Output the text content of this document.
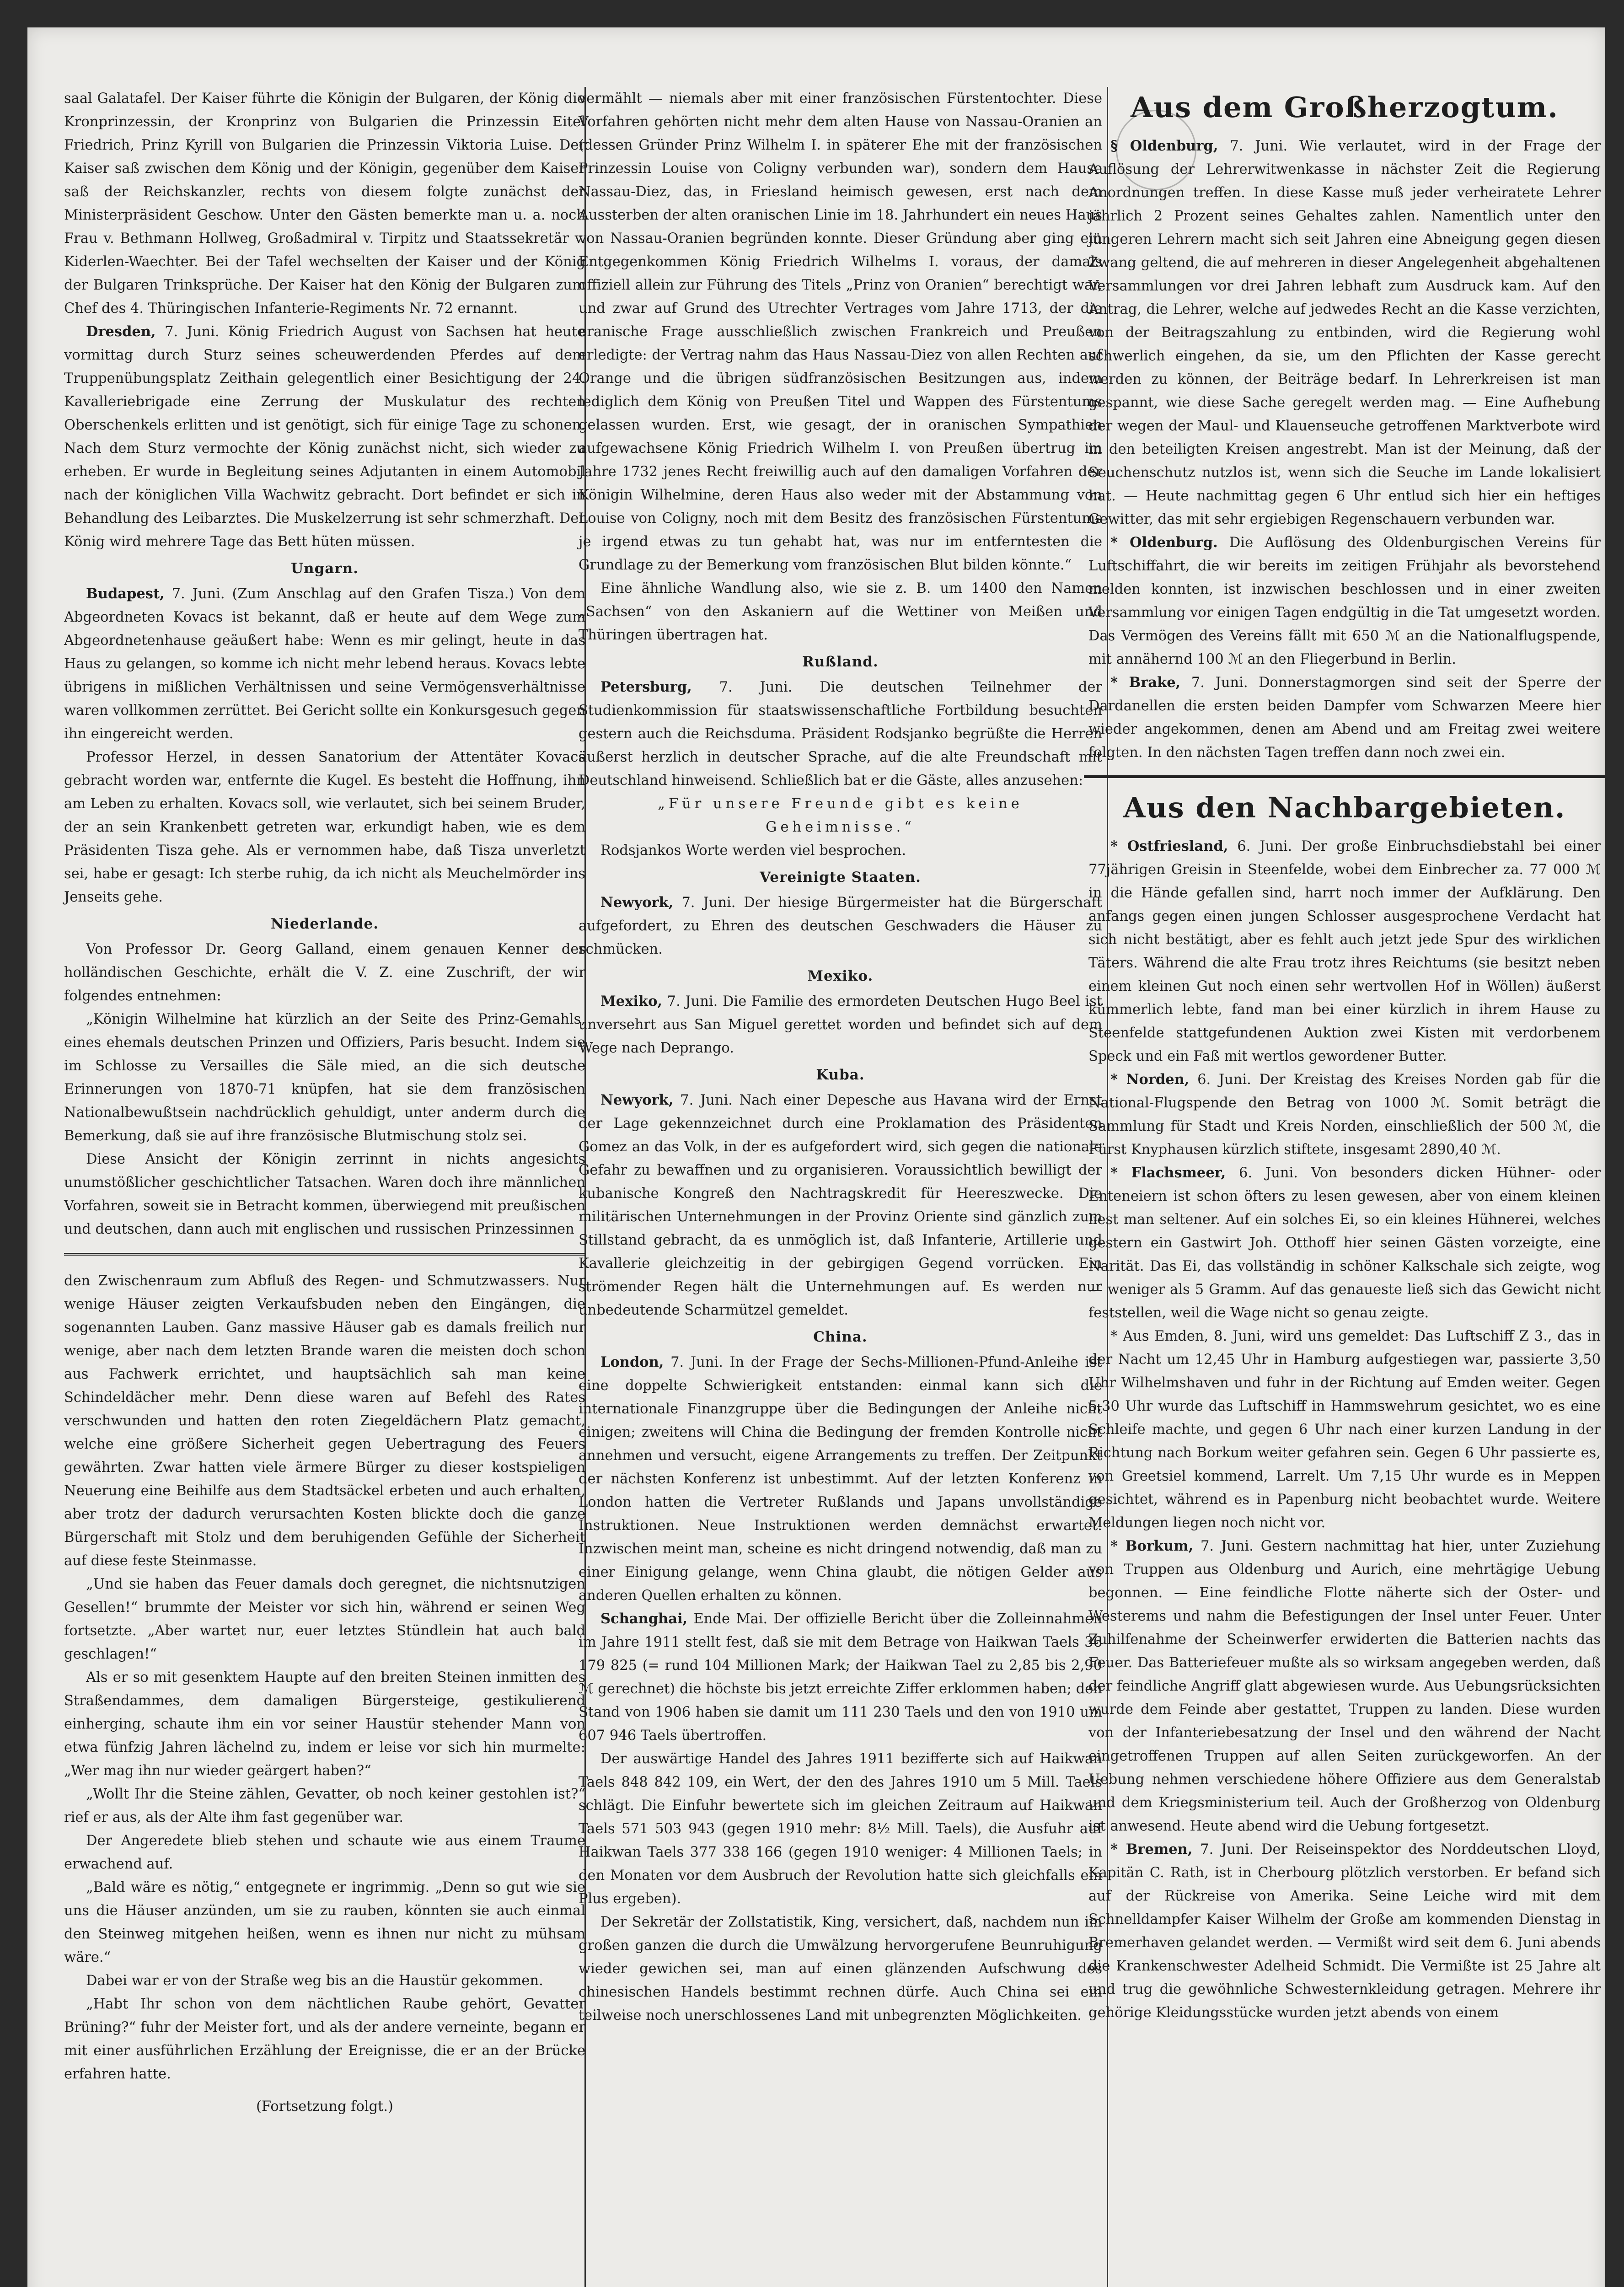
saal Galatafel. Der Kaiser führte die Königin der Bulgaren, der König die Kronprinzessin, der Kronprinz von Bulgarien die Prinzessin Eitel Friedrich, Prinz Kyrill von Bulgarien die Prinzessin Viktoria Luise. Der Kaiser saß zwischen dem König und der Königin, gegenüber dem Kaiser saß der Reichskanzler, rechts von diesem folgte zunächst der Ministerpräsident Geschow. Unter den Gästen bemerkte man u. a. noch Frau v. Bethmann Hollweg, Großadmiral v. Tirpitz und Staatssekretär v. Kiderlen-Waechter. Bei der Tafel wechselten der Kaiser und der König der Bulgaren Trinksprüche. Der Kaiser hat den König der Bulgaren zum Chef des 4. Thüringischen Infanterie-Regiments Nr. 72 ernannt.

Dresden, 7. Juni. König Friedrich August von Sachsen hat heute vormittag durch Sturz seines scheuwerdenden Pferdes auf dem Truppenübungsplatz Zeithain gelegentlich einer Besichtigung der 24. Kavalleriebrigade eine Zerrung der Muskulatur des rechten Oberschenkels erlitten und ist genötigt, sich für einige Tage zu schonen. Nach dem Sturz vermochte der König zunächst nicht, sich wieder zu erheben. Er wurde in Begleitung seines Adjutanten in einem Automobil nach der königlichen Villa Wachwitz gebracht. Dort befindet er sich in Behandlung des Leibarztes. Die Muskelzerrung ist sehr schmerzhaft. Der König wird mehrere Tage das Bett hüten müssen.

Ungarn.

Budapest, 7. Juni. (Zum Anschlag auf den Grafen Tisza.) Von dem Abgeordneten Kovacs ist bekannt, daß er heute auf dem Wege zum Abgeordnetenhause geäußert habe: Wenn es mir gelingt, heute in das Haus zu gelangen, so komme ich nicht mehr lebend heraus. Kovacs lebte übrigens in mißlichen Verhältnissen und seine Vermögensverhältnisse waren vollkommen zerrüttet. Bei Gericht sollte ein Konkursgesuch gegen ihn eingereicht werden.

Professor Herzel, in dessen Sanatorium der Attentäter Kovacs gebracht worden war, entfernte die Kugel. Es besteht die Hoffnung, ihn am Leben zu erhalten. Kovacs soll, wie verlautet, sich bei seinem Bruder, der an sein Krankenbett getreten war, erkundigt haben, wie es dem Präsidenten Tisza gehe. Als er vernommen habe, daß Tisza unverletzt sei, habe er gesagt: Ich sterbe ruhig, da ich nicht als Meuchelmörder ins Jenseits gehe.

Niederlande.

Von Professor Dr. Georg Galland, einem genauen Kenner der holländischen Geschichte, erhält die V. Z. eine Zuschrift, der wir folgendes entnehmen:

„Königin Wilhelmine hat kürzlich an der Seite des Prinz-Gemahls, eines ehemals deutschen Prinzen und Offiziers, Paris besucht. Indem sie im Schlosse zu Versailles die Säle mied, an die sich deutsche Erinnerungen von 1870-71 knüpfen, hat sie dem französischen Nationalbewußtsein nachdrücklich gehuldigt, unter anderm durch die Bemerkung, daß sie auf ihre französische Blutmischung stolz sei.

Diese Ansicht der Königin zerrinnt in nichts angesichts unumstößlicher geschichtlicher Tatsachen. Waren doch ihre männlichen Vorfahren, soweit sie in Betracht kommen, überwiegend mit preußischen und deutschen, dann auch mit englischen und russischen Prinzessinnen

den Zwischenraum zum Abfluß des Regen- und Schmutzwassers. Nur wenige Häuser zeigten Verkaufsbuden neben den Eingängen, die sogenannten Lauben. Ganz massive Häuser gab es damals freilich nur wenige, aber nach dem letzten Brande waren die meisten doch schon aus Fachwerk errichtet, und hauptsächlich sah man keine Schindeldächer mehr. Denn diese waren auf Befehl des Rates verschwunden und hatten den roten Ziegeldächern Platz gemacht, welche eine größere Sicherheit gegen Uebertragung des Feuers gewährten. Zwar hatten viele ärmere Bürger zu dieser kostspieligen Neuerung eine Beihilfe aus dem Stadtsäckel erbeten und auch erhalten, aber trotz der dadurch verursachten Kosten blickte doch die ganze Bürgerschaft mit Stolz und dem beruhigenden Gefühle der Sicherheit auf diese feste Steinmasse.

„Und sie haben das Feuer damals doch geregnet, die nichtsnutzigen Gesellen!“ brummte der Meister vor sich hin, während er seinen Weg fortsetzte. „Aber wartet nur, euer letztes Stündlein hat auch bald geschlagen!“

Als er so mit gesenktem Haupte auf den breiten Steinen inmitten des Straßendammes, dem damaligen Bürgersteige, gestikulierend einherging, schaute ihm ein vor seiner Haustür stehender Mann von etwa fünfzig Jahren lächelnd zu, indem er leise vor sich hin murmelte: „Wer mag ihn nur wieder geärgert haben?“

„Wollt Ihr die Steine zählen, Gevatter, ob noch keiner gestohlen ist?“ rief er aus, als der Alte ihm fast gegenüber war.

Der Angeredete blieb stehen und schaute wie aus einem Traume erwachend auf.

„Bald wäre es nötig,“ entgegnete er ingrimmig. „Denn so gut wie sie uns die Häuser anzünden, um sie zu rauben, könnten sie auch einmal den Steinweg mitgehen heißen, wenn es ihnen nur nicht zu mühsam wäre.“

Dabei war er von der Straße weg bis an die Haustür gekommen.

„Habt Ihr schon von dem nächtlichen Raube gehört, Gevatter Brüning?“ fuhr der Meister fort, und als der andere verneinte, begann er mit einer ausführlichen Erzählung der Ereignisse, die er an der Brücke erfahren hatte.

(Fortsetzung folgt.)

vermählt — niemals aber mit einer französischen Fürstentochter. Diese Vorfahren gehörten nicht mehr dem alten Hause von Nassau-Oranien an (dessen Gründer Prinz Wilhelm I. in späterer Ehe mit der französischen Prinzessin Louise von Coligny verbunden war), sondern dem Hause Nassau-Diez, das, in Friesland heimisch gewesen, erst nach dem Aussterben der alten oranischen Linie im 18. Jahrhundert ein neues Haus von Nassau-Oranien begründen konnte. Dieser Gründung aber ging ein Entgegenkommen König Friedrich Wilhelms I. voraus, der damals offiziell allein zur Führung des Titels „Prinz von Oranien“ berechtigt war, und zwar auf Grund des Utrechter Vertrages vom Jahre 1713, der die oranische Frage ausschließlich zwischen Frankreich und Preußen erledigte: der Vertrag nahm das Haus Nassau-Diez von allen Rechten auf Orange und die übrigen südfranzösischen Besitzungen aus, indem lediglich dem König von Preußen Titel und Wappen des Fürstentums gelassen wurden. Erst, wie gesagt, der in oranischen Sympathien aufgewachsene König Friedrich Wilhelm I. von Preußen übertrug im Jahre 1732 jenes Recht freiwillig auch auf den damaligen Vorfahren der Königin Wilhelmine, deren Haus also weder mit der Abstammung von Louise von Coligny, noch mit dem Besitz des französischen Fürstentums je irgend etwas zu tun gehabt hat, was nur im entferntesten die Grundlage zu der Bemerkung vom französischen Blut bilden könnte.“

Eine ähnliche Wandlung also, wie sie z. B. um 1400 den Namen „Sachsen“ von den Askaniern auf die Wettiner von Meißen und Thüringen übertragen hat.

Rußland.

Petersburg, 7. Juni. Die deutschen Teilnehmer der Studienkommission für staatswissenschaftliche Fortbildung besuchten gestern auch die Reichsduma. Präsident Rodsjanko begrüßte die Herren äußerst herzlich in deutscher Sprache, auf die alte Freundschaft mit Deutschland hinweisend. Schließlich bat er die Gäste, alles anzusehen:

„Für unsere Freunde gibt es keine

Geheimnisse.“

Rodsjankos Worte werden viel besprochen.

Vereinigte Staaten.

Newyork, 7. Juni. Der hiesige Bürgermeister hat die Bürgerschaft aufgefordert, zu Ehren des deutschen Geschwaders die Häuser zu schmücken.

Mexiko.

Mexiko, 7. Juni. Die Familie des ermordeten Deutschen Hugo Beel ist unversehrt aus San Miguel gerettet worden und befindet sich auf dem Wege nach Deprango.

Kuba.

Newyork, 7. Juni. Nach einer Depesche aus Havana wird der Ernst der Lage gekennzeichnet durch eine Proklamation des Präsidenten Gomez an das Volk, in der es aufgefordert wird, sich gegen die nationale Gefahr zu bewaffnen und zu organisieren. Voraussichtlich bewilligt der kubanische Kongreß den Nachtragskredit für Heereszwecke. Die militärischen Unternehmungen in der Provinz Oriente sind gänzlich zum Stillstand gebracht, da es unmöglich ist, daß Infanterie, Artillerie und Kavallerie gleichzeitig in der gebirgigen Gegend vorrücken. Ein strömender Regen hält die Unternehmungen auf. Es werden nur unbedeutende Scharmützel gemeldet.

China.

London, 7. Juni. In der Frage der Sechs-Millionen-Pfund-Anleihe ist eine doppelte Schwierigkeit entstanden: einmal kann sich die internationale Finanzgruppe über die Bedingungen der Anleihe nicht einigen; zweitens will China die Bedingung der fremden Kontrolle nicht annehmen und versucht, eigene Arrangements zu treffen. Der Zeitpunkt der nächsten Konferenz ist unbestimmt. Auf der letzten Konferenz in London hatten die Vertreter Rußlands und Japans unvollständige Instruktionen. Neue Instruktionen werden demnächst erwartet. Inzwischen meint man, scheine es nicht dringend notwendig, daß man zu einer Einigung gelange, wenn China glaubt, die nötigen Gelder aus anderen Quellen erhalten zu können.

Schanghai, Ende Mai. Der offizielle Bericht über die Zolleinnahmen im Jahre 1911 stellt fest, daß sie mit dem Betrage von Haikwan Taels 36 179 825 (= rund 104 Millionen Mark; der Haikwan Tael zu 2,85 bis 2,90 ℳ gerechnet) die höchste bis jetzt erreichte Ziffer erklommen haben; den Stand von 1906 haben sie damit um 111 230 Taels und den von 1910 um 607 946 Taels übertroffen.

Der auswärtige Handel des Jahres 1911 bezifferte sich auf Haikwan Taels 848 842 109, ein Wert, der den des Jahres 1910 um 5 Mill. Taels schlägt. Die Einfuhr bewertete sich im gleichen Zeitraum auf Haikwan Taels 571 503 943 (gegen 1910 mehr: 8½ Mill. Taels), die Ausfuhr auf Haikwan Taels 377 338 166 (gegen 1910 weniger: 4 Millionen Taels; in den Monaten vor dem Ausbruch der Revolution hatte sich gleichfalls ein Plus ergeben).

Der Sekretär der Zollstatistik, King, versichert, daß, nachdem nun im großen ganzen die durch die Umwälzung hervorgerufene Beunruhigung wieder gewichen sei, man auf einen glänzenden Aufschwung des chinesischen Handels bestimmt rechnen dürfe. Auch China sei ein teilweise noch unerschlossenes Land mit unbegrenzten Möglichkeiten.

Aus dem Großherzogtum.

§ Oldenburg, 7. Juni. Wie verlautet, wird in der Frage der Auflösung der Lehrerwitwenkasse in nächster Zeit die Regierung Anordnungen treffen. In diese Kasse muß jeder verheiratete Lehrer jährlich 2 Prozent seines Gehaltes zahlen. Namentlich unter den jüngeren Lehrern macht sich seit Jahren eine Abneigung gegen diesen Zwang geltend, die auf mehreren in dieser Angelegenheit abgehaltenen Versammlungen vor drei Jahren lebhaft zum Ausdruck kam. Auf den Antrag, die Lehrer, welche auf jedwedes Recht an die Kasse verzichten, von der Beitragszahlung zu entbinden, wird die Regierung wohl schwerlich eingehen, da sie, um den Pflichten der Kasse gerecht werden zu können, der Beiträge bedarf. In Lehrerkreisen ist man gespannt, wie diese Sache geregelt werden mag. — Eine Aufhebung der wegen der Maul- und Klauenseuche getroffenen Marktverbote wird in den beteiligten Kreisen angestrebt. Man ist der Meinung, daß der Seuchenschutz nutzlos ist, wenn sich die Seuche im Lande lokalisiert hat. — Heute nachmittag gegen 6 Uhr entlud sich hier ein heftiges Gewitter, das mit sehr ergiebigen Regenschauern verbunden war.

* Oldenburg. Die Auflösung des Oldenburgischen Vereins für Luftschiffahrt, die wir bereits im zeitigen Frühjahr als bevorstehend melden konnten, ist inzwischen beschlossen und in einer zweiten Versammlung vor einigen Tagen endgültig in die Tat umgesetzt worden. Das Vermögen des Vereins fällt mit 650 ℳ an die Nationalflugspende, mit annähernd 100 ℳ an den Fliegerbund in Berlin.

* Brake, 7. Juni. Donnerstagmorgen sind seit der Sperre der Dardanellen die ersten beiden Dampfer vom Schwarzen Meere hier wieder angekommen, denen am Abend und am Freitag zwei weitere folgten. In den nächsten Tagen treffen dann noch zwei ein.

Aus den Nachbargebieten.

* Ostfriesland, 6. Juni. Der große Einbruchsdiebstahl bei einer 77jährigen Greisin in Steenfelde, wobei dem Einbrecher za. 77 000 ℳ in die Hände gefallen sind, harrt noch immer der Aufklärung. Den anfangs gegen einen jungen Schlosser ausgesprochene Verdacht hat sich nicht bestätigt, aber es fehlt auch jetzt jede Spur des wirklichen Täters. Während die alte Frau trotz ihres Reichtums (sie besitzt neben einem kleinen Gut noch einen sehr wertvollen Hof in Wöllen) äußerst kümmerlich lebte, fand man bei einer kürzlich in ihrem Hause zu Steenfelde stattgefundenen Auktion zwei Kisten mit verdorbenem Speck und ein Faß mit wertlos gewordener Butter.

* Norden, 6. Juni. Der Kreistag des Kreises Norden gab für die National-Flugspende den Betrag von 1000 ℳ. Somit beträgt die Sammlung für Stadt und Kreis Norden, einschließlich der 500 ℳ, die Fürst Knyphausen kürzlich stiftete, insgesamt 2890,40 ℳ.

* Flachsmeer, 6. Juni. Von besonders dicken Hühner- oder Enteneiern ist schon öfters zu lesen gewesen, aber von einem kleinen liest man seltener. Auf ein solches Ei, so ein kleines Hühnerei, welches gestern ein Gastwirt Joh. Otthoff hier seinen Gästen vorzeigte, eine Narität. Das Ei, das vollständig in schöner Kalkschale sich zeigte, wog — weniger als 5 Gramm. Auf das genaueste ließ sich das Gewicht nicht feststellen, weil die Wage nicht so genau zeigte.

* Aus Emden, 8. Juni, wird uns gemeldet: Das Luftschiff Z 3., das in der Nacht um 12,45 Uhr in Hamburg aufgestiegen war, passierte 3,50 Uhr Wilhelmshaven und fuhr in der Richtung auf Emden weiter. Gegen 5,30 Uhr wurde das Luftschiff in Hammswehrum gesichtet, wo es eine Schleife machte, und gegen 6 Uhr nach einer kurzen Landung in der Richtung nach Borkum weiter gefahren sein. Gegen 6 Uhr passierte es, von Greetsiel kommend, Larrelt. Um 7,15 Uhr wurde es in Meppen gesichtet, während es in Papenburg nicht beobachtet wurde. Weitere Meldungen liegen noch nicht vor.

* Borkum, 7. Juni. Gestern nachmittag hat hier, unter Zuziehung von Truppen aus Oldenburg und Aurich, eine mehrtägige Uebung begonnen. — Eine feindliche Flotte näherte sich der Oster- und Westerems und nahm die Befestigungen der Insel unter Feuer. Unter Zuhilfenahme der Scheinwerfer erwiderten die Batterien nachts das Feuer. Das Batteriefeuer mußte als so wirksam angegeben werden, daß der feindliche Angriff glatt abgewiesen wurde. Aus Uebungsrücksichten wurde dem Feinde aber gestattet, Truppen zu landen. Diese wurden von der Infanteriebesatzung der Insel und den während der Nacht eingetroffenen Truppen auf allen Seiten zurückgeworfen. An der Uebung nehmen verschiedene höhere Offiziere aus dem Generalstab und dem Kriegsministerium teil. Auch der Großherzog von Oldenburg ist anwesend. Heute abend wird die Uebung fortgesetzt.

* Bremen, 7. Juni. Der Reiseinspektor des Norddeutschen Lloyd, Kapitän C. Rath, ist in Cherbourg plötzlich verstorben. Er befand sich auf der Rückreise von Amerika. Seine Leiche wird mit dem Schnelldampfer Kaiser Wilhelm der Große am kommenden Dienstag in Bremerhaven gelandet werden. — Vermißt wird seit dem 6. Juni abends die Krankenschwester Adelheid Schmidt. Die Vermißte ist 25 Jahre alt und trug die gewöhnliche Schwesternkleidung getragen. Mehrere ihr gehörige Kleidungsstücke wurden jetzt abends von einem
